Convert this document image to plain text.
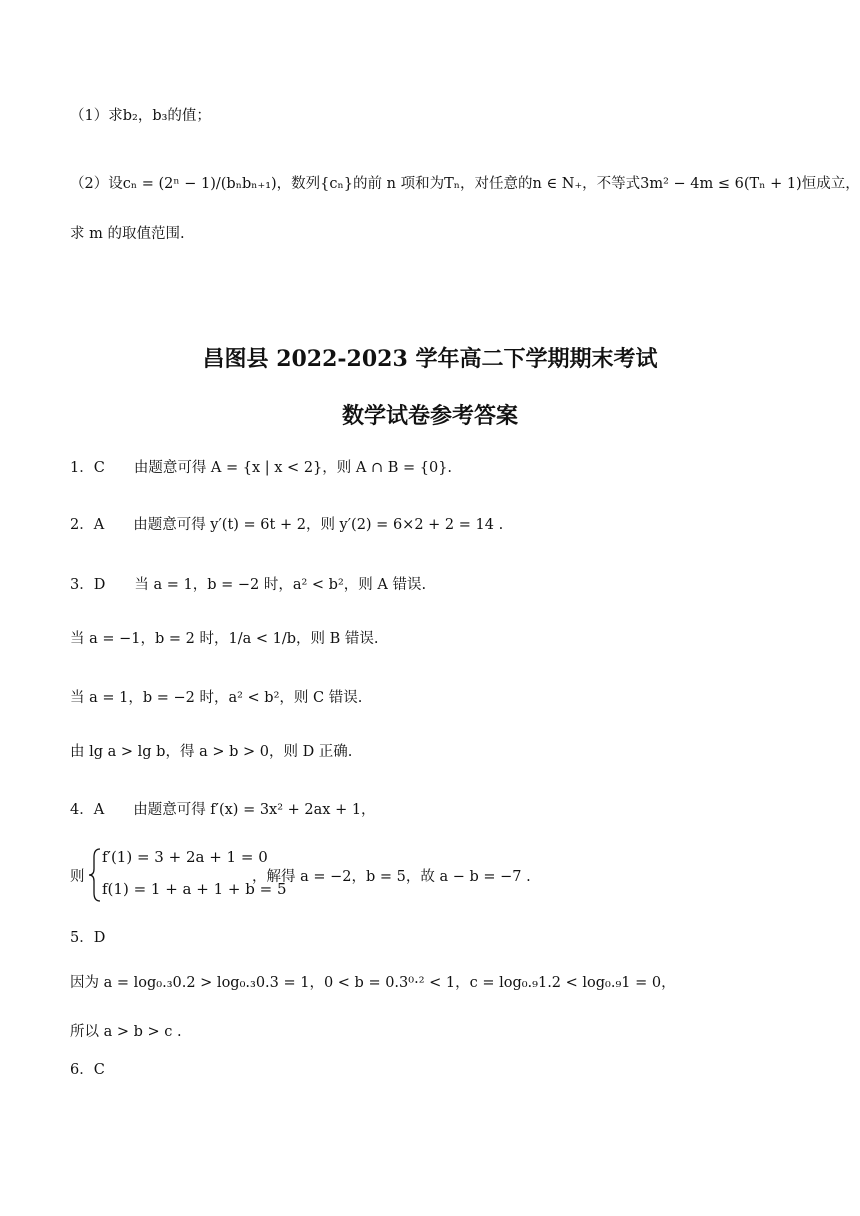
（1）求b₂，b₃的值；
（2）设cₙ = (2ⁿ − 1)/(bₙbₙ₊₁)，数列{cₙ}的前 n 项和为Tₙ，对任意的n ∈ N₊，不等式3m² − 4m ≤ 6(Tₙ + 1)恒成立，
求 m 的取值范围.
昌图县 2022-2023 学年高二下学期期末考试
数学试卷参考答案
1．C　　由题意可得 A = {x | x < 2}，则 A ∩ B = {0}.
2．A　　由题意可得 y′(t) = 6t + 2，则 y′(2) = 6×2 + 2 = 14 .
3．D　　当 a = 1，b = −2 时，a² < b²，则 A 错误.
当 a = −1，b = 2 时，1/a < 1/b，则 B 错误.
当 a = 1，b = −2 时，a² < b²，则 C 错误.
由 lg a > lg b，得 a > b > 0，则 D 正确.
4．A　　由题意可得 f′(x) = 3x² + 2ax + 1，
则
f′(1) = 3 + 2a + 1 = 0
f(1) = 1 + a + 1 + b = 5
，解得 a = −2，b = 5，故 a − b = −7 .
5．D
因为 a = log₀.₃0.2 > log₀.₃0.3 = 1，0 < b = 0.3⁰·² < 1，c = log₀.₉1.2 < log₀.₉1 = 0，
所以 a > b > c .
6．C
